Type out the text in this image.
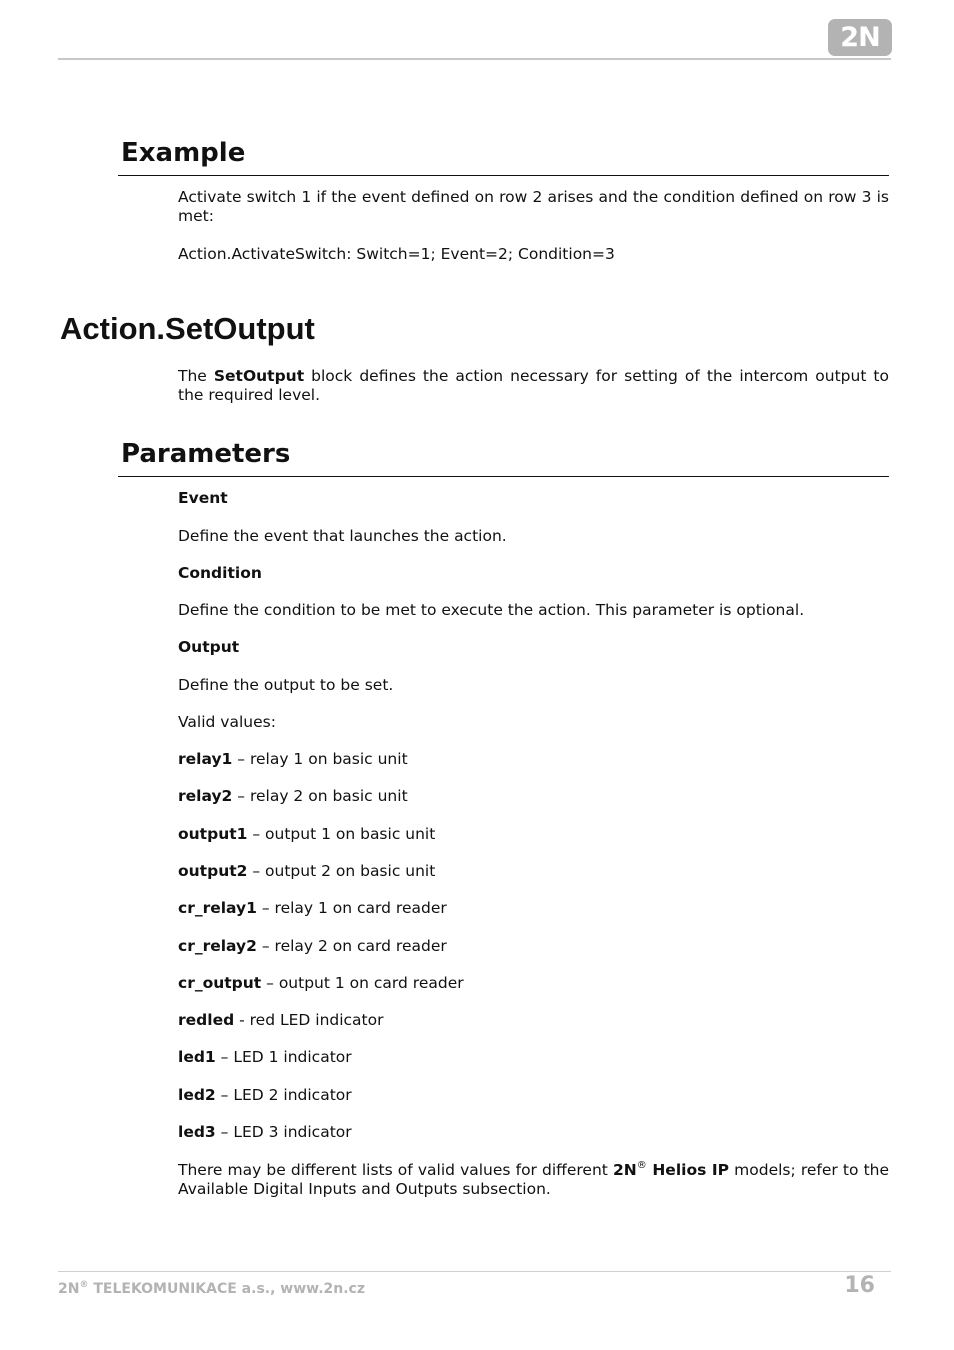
2N
Example

Activate switch 1 if the event defined on row 2 arises and the condition defined on row 3 is met:

Action.ActivateSwitch: Switch=1; Event=2; Condition=3

Action.SetOutput

The SetOutput block defines the action necessary for setting of the intercom output to the required level.

Parameters

Event

Define the event that launches the action.

Condition

Define the condition to be met to execute the action. This parameter is optional.

Output

Define the output to be set.

Valid values:

relay1 – relay 1 on basic unit

relay2 – relay 2 on basic unit

output1 – output 1 on basic unit

output2 – output 2 on basic unit

cr_relay1 – relay 1 on card reader

cr_relay2 – relay 2 on card reader

cr_output – output 1 on card reader

redled - red LED indicator

led1 – LED 1 indicator

led2 – LED 2 indicator

led3 – LED 3 indicator

There may be different lists of valid values for different 2N® Helios IP models; refer to the Available Digital Inputs and Outputs subsection.

2N® TELEKOMUNIKACE a.s., www.2n.cz	16
